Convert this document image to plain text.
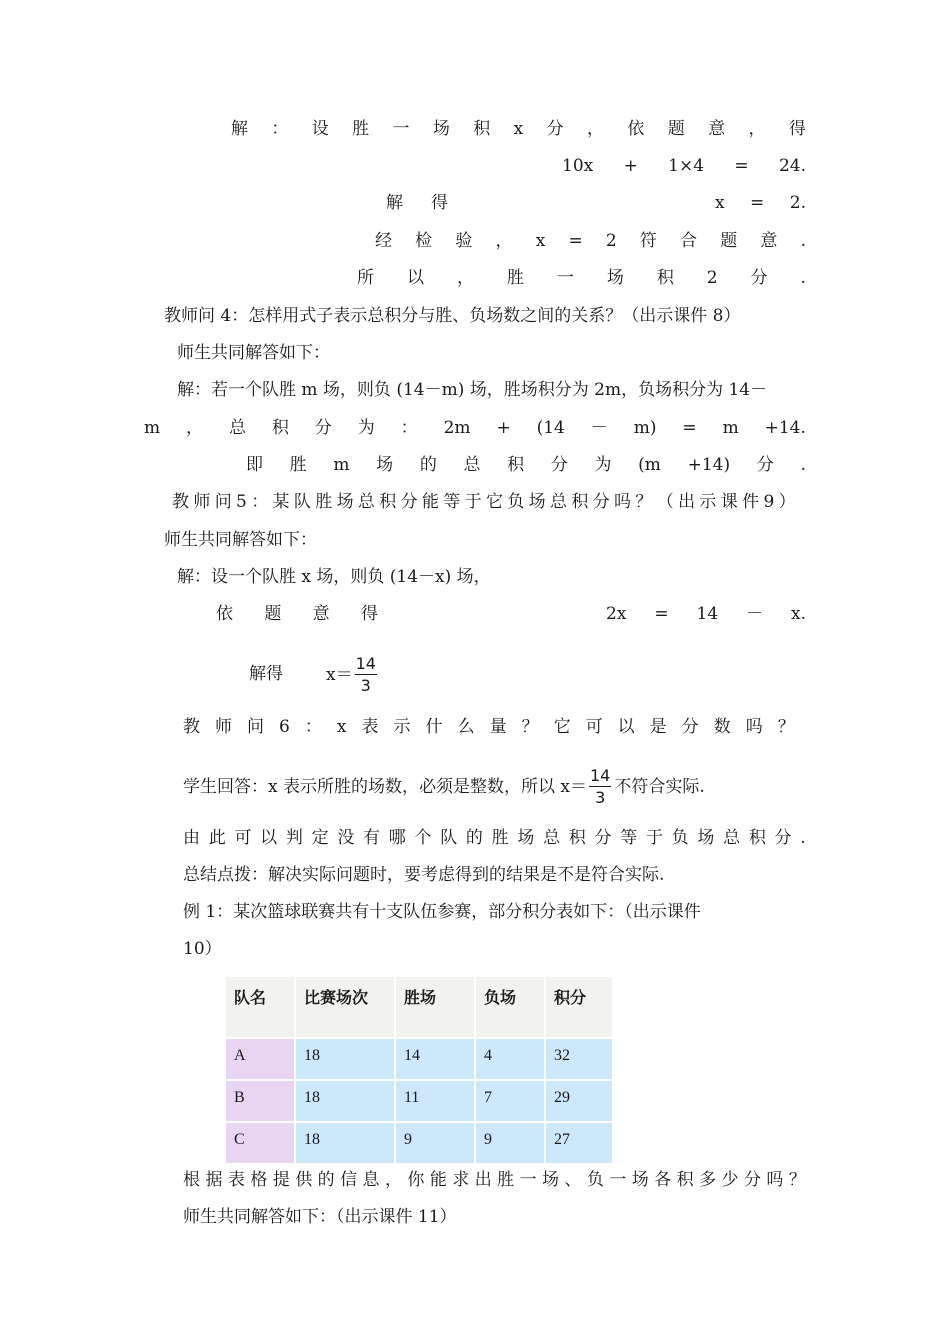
解 ： 设 胜 一 场 积 x 分 ， 依 题 意 ， 得
10x + 1×4 = 24.
解 得	x = 2.
经 检 验 ， x = 2 符 合 题 意 .
所 以 ， 胜 一 场 积 2 分 .
教师问 4：怎样用式子表示总积分与胜、负场数之间的关系？（出示课件 8）
师生共同解答如下：
解：若一个队胜 m 场，则负 (14－m) 场，胜场积分为 2m，负场积分为 14－
m ， 总 积 分 为 ： 2m + (14 － m) = m +14.
即 胜 m 场 的 总 积 分 为 (m +14) 分 .
教 师 问 5 ： 某 队 胜 场 总 积 分 能 等 于 它 负 场 总 积 分 吗 ？ （ 出 示 课 件 9 ）
师生共同解答如下：
解：设一个队胜 x 场，则负 (14－x) 场，
依 题 意 得	2x = 14 － x.
解得	$x= \frac{14}{3}$
教 师 问 6 ： x 表 示 什 么 量 ？ 它 可 以 是 分 数 吗 ？
学生回答：x 表示所胜的场数，必须是整数，所以 $x= \frac{14}{3}$ 不符合实际.
由 此 可 以 判 定 没 有 哪 个 队 的 胜 场 总 积 分 等 于 负 场 总 积 分 .
总结点拨：解决实际问题时，要考虑得到的结果是不是符合实际.
例 1：某次篮球联赛共有十支队伍参赛，部分积分表如下：（出示课件
10）
队名	比赛场次	胜场	负场	积分
A	18	14	4	32
B	18	11	7	29
C	18	9	9	27
根 据 表 格 提 供 的 信 息 ， 你 能 求 出 胜 一 场 、 负 一 场 各 积 多 少 分 吗 ？
师生共同解答如下：（出示课件 11）
